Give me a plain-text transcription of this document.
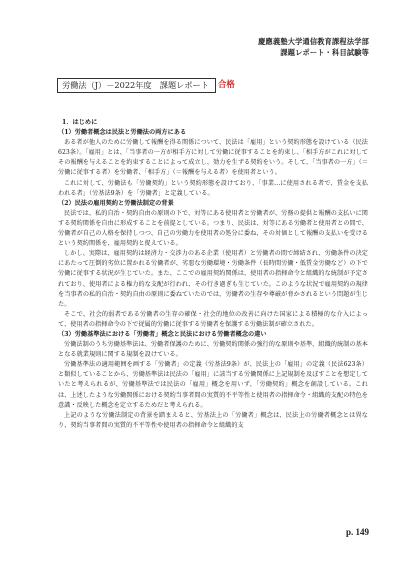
慶應義塾大学通信教育課程法学部
課題レポート・科目試験等
労働法（J）－2022年度　課題レポート	合格

1．はじめに

（1）労働者概念は民法と労働法の両方にある

ある者が他人のために労働して報酬を得る関係について、民法は「雇用」という契約形態を設けている（民法623条）。「雇用」とは、「当事者の一方が相手方に対して労働に従事することを約束し、「相手方がこれに対してその報酬を与えることを約束することによって成立し、効力を生ずる契約をいう。そして、「当事者の一方」（＝労働に従事する者）を労働者、「相手方」（＝報酬を与える者）を使用者という。

これに対して、労働法も「労働契約」という契約形態を設けており、「事業…に使用される者で、賃金を支払われる者」（労基法9条）を「労働者」と定義している。

（2）民法の雇用契約と労働法制定の背景

民法では、私的自治・契約自由の原則の下で、対等にある使用者と労働者が、労務の提供と報酬の支払いに関する契約関係を自由に形成することを前提としている。つまり、民法は、対等にある労働者と使用者との間で、労働者が自己の人格を保持しつつ、自己の労働力を使用者の処分に委ね、その対価として報酬の支払いを受けるという契約関係を、雇用契約と捉えている。

しかし、実際は、雇用契約は経済力・交渉力のある企業（使用者）と労働者の間で締結され、労働条件の決定にあたって圧倒的劣位に置かれる労働者が、劣悪な労働環境・労働条件（長時間労働・低賃金労働など）の下で労働に従事する状況が生じていた。また、ここでの雇用契約関係は、使用者の指揮命令と組織的な統制が予定されており、使用者による権力的な支配が行われ、その行き過ぎも生じていた。このような状況で雇用契約の規律を当事者の私的自治・契約自由の原則に委ねていたのでは、労働者の生存や尊厳が脅かされるという問題が生じた。

そこで、社会的弱者である労働者の生存の確保・社会的地位の改善に向けた国家による積極的な介入によって、使用者の指揮命令の下で従属的労働に従事する労働者を保護する労働法制が確立された。

（3）労働基準法における「労働者」概念と民法における労働者概念の違い

労働法制のうち労働基準法は、労働者保護のために、労働契約関係の強行的な原則や基準、組織的統制の基本となる就業規則に関する規制を設けている。

労働基準法の適用範囲を画する「労働者」の定義（労基法9条）が、民法上の「雇用」の定義（民法623条）と類似していることから、労働基準法は民法の「雇用」に該当する労働関係に上記規制を及ぼすことを想定していたと考えられるが、労働基準法では民法の「雇用」概念を用いず、「労働契約」概念を創設している。これは、上述したような労働関係における契約当事者間の実質的不平等性と使用者の指揮命令・組織的支配の特色を意識・反映した概念を定立するためだと考えられる。

上記のような労働法制定の背景を踏まえると、労基法上の「労働者」概念は、民法上の労働者概念とは異なり、契約当事者間の実質的不平等性や使用者の指揮命令と組織的支

p. 149
